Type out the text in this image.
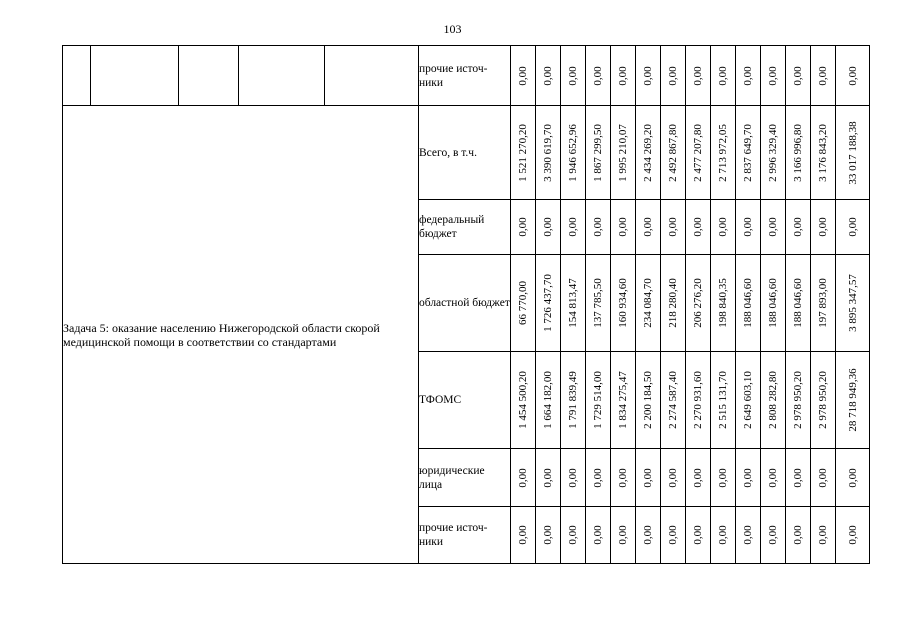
103
					прочие источ-ники	0,00	0,00	0,00	0,00	0,00	0,00	0,00	0,00	0,00	0,00	0,00	0,00	0,00	0,00

Задача 5: оказание населению Нижегородской области скорой медицинской помощи в соответствии со стандартами					Всего, в т.ч.	1 521 270,20	3 390 619,70	1 946 652,96	1 867 299,50	1 995 210,07	2 434 269,20	2 492 867,80	2 477 207,80	2 713 972,05	2 837 649,70	2 996 329,40	3 166 996,80	3 176 843,20	33 017 188,38

					федеральный бюджет	0,00	0,00	0,00	0,00	0,00	0,00	0,00	0,00	0,00	0,00	0,00	0,00	0,00	0,00

					областной бюджет	66 770,00	1 726 437,70	154 813,47	137 785,50	160 934,60	234 084,70	218 280,40	206 276,20	198 840,35	188 046,60	188 046,60	188 046,60	197 893,00	3 895 347,57

					ТФОМС	1 454 500,20	1 664 182,00	1 791 839,49	1 729 514,00	1 834 275,47	2 200 184,50	2 274 587,40	2 270 931,60	2 515 131,70	2 649 603,10	2 808 282,80	2 978 950,20	2 978 950,20	28 718 949,36

					юридические лица	0,00	0,00	0,00	0,00	0,00	0,00	0,00	0,00	0,00	0,00	0,00	0,00	0,00	0,00

					прочие источ-ники	0,00	0,00	0,00	0,00	0,00	0,00	0,00	0,00	0,00	0,00	0,00	0,00	0,00	0,00
